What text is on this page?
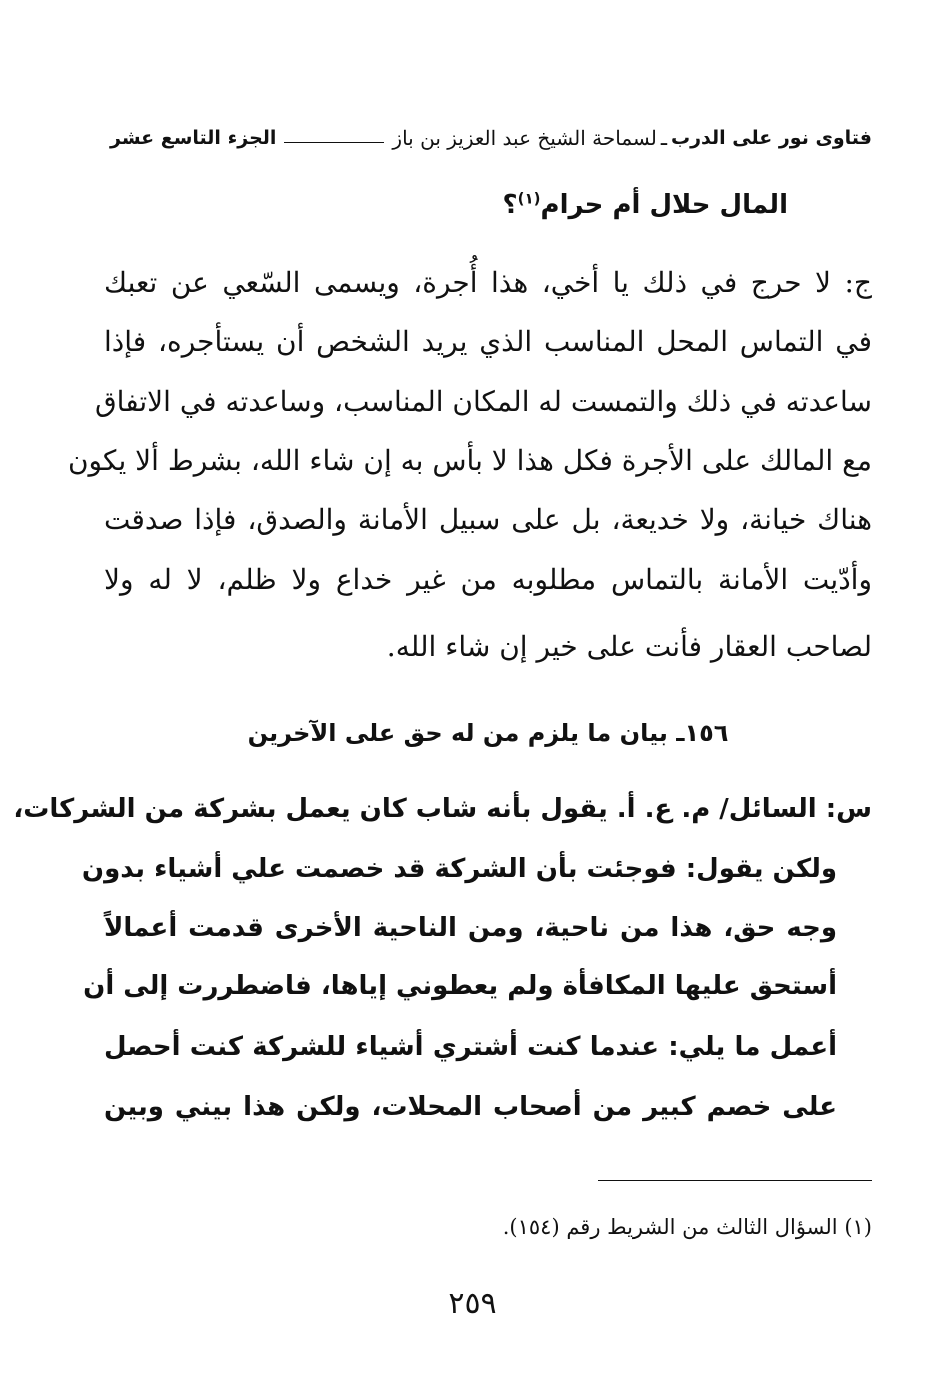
فتاوى نور على الدرب
ـ
لسماحة الشيخ عبد العزيز بن باز
الجزء التاسع عشر
المال حلال أم حرام$^{(١)}$؟
ج: لا حرج في ذلك يا أخي، هذا أُجرة، ويسمى السّعي عن تعبك
في التماس المحل المناسب الذي يريد الشخص أن يستأجره، فإذا
ساعدته في ذلك والتمست له المكان المناسب، وساعدته في الاتفاق
مع المالك على الأجرة فكل هذا لا بأس به إن شاء الله، بشرط ألا يكون
هناك خيانة، ولا خديعة، بل على سبيل الأمانة والصدق، فإذا صدقت
وأدّيت الأمانة بالتماس مطلوبه من غير خداع ولا ظلم، لا له ولا
لصاحب العقار فأنت على خير إن شاء الله.
١٥٦ـ بيان ما يلزم من له حق على الآخرين
س: السائل/ م. ع. أ. يقول بأنه شاب كان يعمل بشركة من الشركات،
ولكن يقول: فوجئت بأن الشركة قد خصمت علي أشياء بدون
وجه حق، هذا من ناحية، ومن الناحية الأخرى قدمت أعمالاً
أستحق عليها المكافأة ولم يعطوني إياها، فاضطررت إلى أن
أعمل ما يلي: عندما كنت أشتري أشياء للشركة كنت أحصل
على خصم كبير من أصحاب المحلات، ولكن هذا بيني وبين
(١) السؤال الثالث من الشريط رقم (١٥٤).
٢٥٩
